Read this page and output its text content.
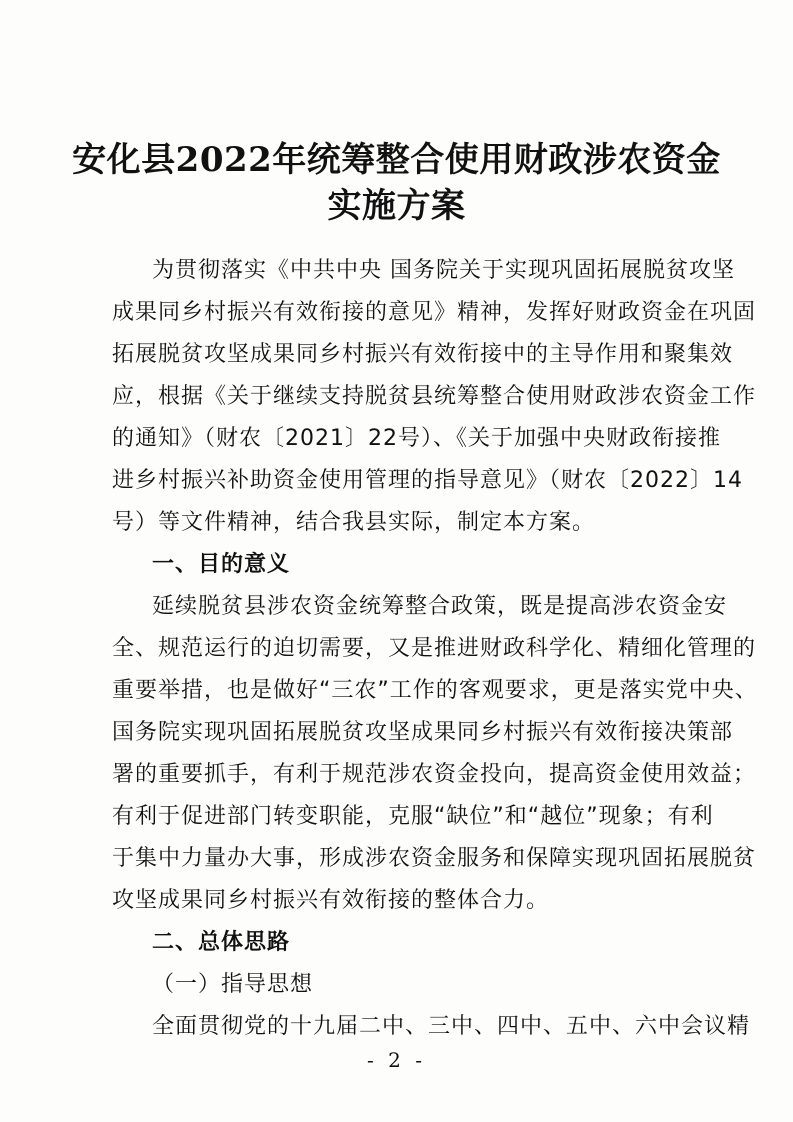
安化县2022年统筹整合使用财政涉农资金
实施方案
为贯彻落实《中共中央 国务院关于实现巩固拓展脱贫攻坚
成果同乡村振兴有效衔接的意见》精神，发挥好财政资金在巩固
拓展脱贫攻坚成果同乡村振兴有效衔接中的主导作用和聚集效
应，根据《关于继续支持脱贫县统筹整合使用财政涉农资金工作
的通知》（财农〔2021〕22号）、《关于加强中央财政衔接推
进乡村振兴补助资金使用管理的指导意见》（财农〔2022〕14
号）等文件精神，结合我县实际，制定本方案。
一、目的意义
延续脱贫县涉农资金统筹整合政策，既是提高涉农资金安
全、规范运行的迫切需要，又是推进财政科学化、精细化管理的
重要举措，也是做好“三农”工作的客观要求，更是落实党中央、
国务院实现巩固拓展脱贫攻坚成果同乡村振兴有效衔接决策部
署的重要抓手，有利于规范涉农资金投向，提高资金使用效益；
有利于促进部门转变职能，克服“缺位”和“越位”现象；有利
于集中力量办大事，形成涉农资金服务和保障实现巩固拓展脱贫
攻坚成果同乡村振兴有效衔接的整体合力。
二、总体思路
（一）指导思想
全面贯彻党的十九届二中、三中、四中、五中、六中会议精
- 2 -
